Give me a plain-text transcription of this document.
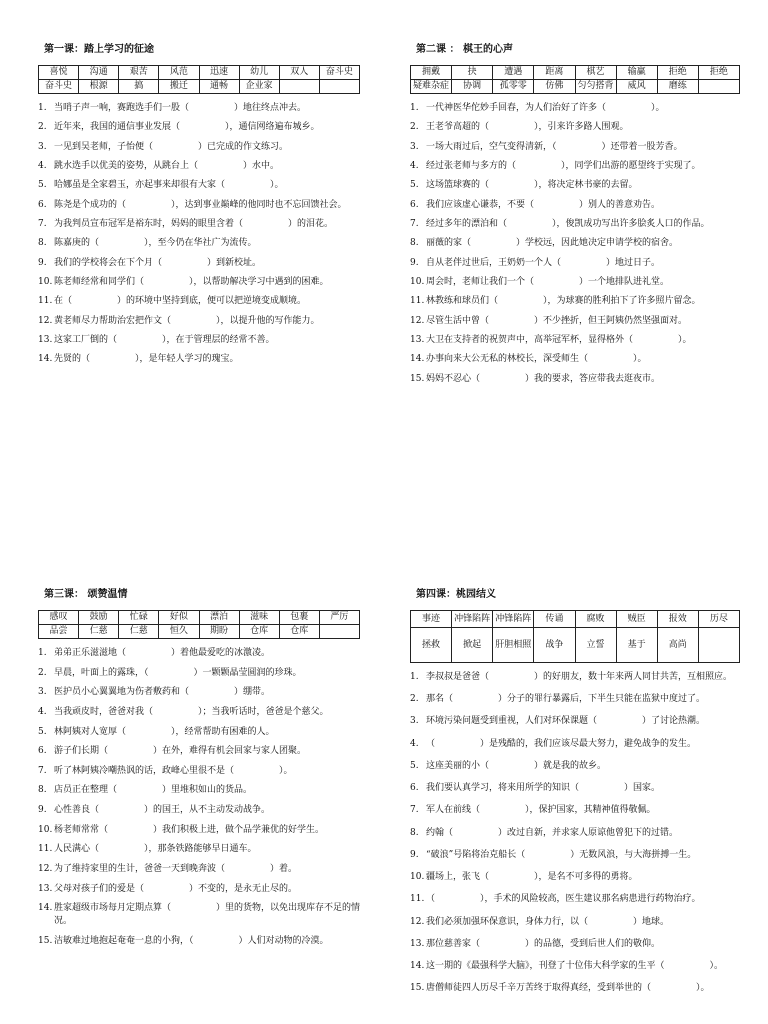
第一课：踏上学习的征途
喜悦	沟通	艰苦	风范	迅速	幼儿	双人	奋斗史
奋斗史	根源	搞	搬迁	通畅	企业家		
1. 当哨子声一响，赛跑选手们一股（　　　　　）地往终点冲去。
2. 近年来，我国的通信事业发展（　　　　　），通信网络遍布城乡。
3. 一见到吴老师，子怡便（　　　　　）已完成的作文练习。
4. 跳水选手以优美的姿势，从跳台上（　　　　　）水中。
5. 哈娜虽是全家碧玉，亦起事来却很有大家（　　　　　）。
6. 陈尧是个成功的（　　　　　），达到事业巅峰的他同时也不忘回馈社会。
7. 为我判员宣布冠军是裕东时，妈妈的眼里含着（　　　　　）的泪花。
8. 陈嘉庚的（　　　　　），至今仍在华社广为流传。
9. 我们的学校将会在下个月（　　　　　）到新校址。
10. 陈老师经常和同学们（　　　　　），以帮助解决学习中遇到的困难。
11. 在（　　　　　）的环境中坚持到底，便可以把逆境变成顺境。
12. 黄老师尽力帮助治宏把作文（　　　　　），以提升他的写作能力。
13. 这家工厂倒的（　　　　　），在于管理层的经常不善。
14. 先贤的（　　　　　），是年轻人学习的瑰宝。
第二课 ： 棋王的心声
拥戴	抉	遭遇	距离	棋艺	输赢	拒绝	拒绝
疑难杂症	协调	孤零零	仿佛	匀匀搭背	威风	磨练	
1. 一代神医华佗妙手回春，为人们治好了许多（　　　　　）。
2. 王老爷高超的（　　　　　），引来许多路人围观。
3. 一场大雨过后，空气变得清新，（　　　　　）还带着一股芳香。
4. 经过张老师与多方的（　　　　　），同学们出游的愿望终于实现了。
5. 这场篮球赛的（　　　　　），将决定林书豪的去留。
6. 我们应该虚心谦恭，不要（　　　　　）别人的善意劝告。
7. 经过多年的漂泊和（　　　　　），俊凯成功写出许多脍炙人口的作品。
8. 丽薇的家（　　　　　）学校远，因此她决定申请学校的宿舍。
9. 自从老伴过世后，王奶奶一个人（　　　　　）地过日子。
10. 周会时，老师让我们一个（　　　　　）一个地排队进礼堂。
11. 林教练和球员们（　　　　　），为球赛的胜利拍下了许多照片留念。
12. 尽管生活中曾（　　　　　）不少挫折，但王阿姨仍然坚强面对。
13. 大卫在支持者的祝贺声中，高举冠军杯，显得格外（　　　　　）。
14. 办事向来大公无私的林校长，深受师生（　　　　　）。
15. 妈妈不忍心（　　　　　）我的要求，答应带我去逛夜市。
第三课： 颂赞温情
感叹	鼓励	忙碌	好似	漂泊	滋味	包裹	严厉
品尝	仁慈	仁慈	恒久	期盼	仓库	仓库	
1. 弟弟正乐滋滋地（　　　　　）着他最爱吃的冰激凌。
2. 早晨，叶面上的露珠，（　　　　　）一颗颗晶莹圆润的珍珠。
3. 医护员小心翼翼地为伤者敷药和（　　　　　）绷带。
4. 当我顽皮时，爸爸对我（　　　　　）；当我听话时，爸爸是个慈父。
5. 林阿姨对人宽厚（　　　　　），经常帮助有困难的人。
6. 游子们长期（　　　　　）在外，难得有机会回家与家人团聚。
7. 听了林阿姨冷嘲热讽的话，政峰心里很不是（　　　　　）。
8. 店员正在整理（　　　　　）里堆积如山的货品。
9. 心性善良（　　　　　）的国王，从不主动发动战争。
10. 杨老师常常（　　　　　）我们积极上进，做个品学兼优的好学生。
11. 人民满心（　　　　　），那条铁路能够早日通车。
12. 为了维持家里的生计，爸爸一天到晚奔波（　　　　　）着。
13. 父母对孩子们的爱是（　　　　　）不变的，是永无止尽的。
14. 胜家超级市场每月定期点算（　　　　　）里的货物，以免出现库存不足的情况。
15. 洁敏难过地抱起奄奄一息的小狗，（　　　　　）人们对动物的冷漠。
第四课：桃园结义
事迹	冲锋陷阵	冲锋陷阵	传诵	腐败	贼臣	报效	历尽
拯救	掀起	肝胆相照	战争	立誓	基于	高尚	
1. 李叔叔是爸爸（　　　　　）的好朋友，数十年来两人同甘共苦，互相照应。
2. 那名（　　　　　）分子的罪行暴露后，下半生只能在监狱中度过了。
3. 环境污染问题受到重视，人们对环保课题（　　　　　）了讨论热潮。
4. （　　　　　）是残酷的，我们应该尽最大努力，避免战争的发生。
5. 这座美丽的小（　　　　　）就是我的故乡。
6. 我们要认真学习，将来用所学的知识（　　　　　）国家。
7. 军人在前线（　　　　　），保护国家，其精神值得敬佩。
8. 约翰（　　　　　）改过自新，并求家人原谅他曾犯下的过错。
9. “破浪”号陷将治克船长（　　　　　）无数风浪，与大海拼搏一生。
10. 疆场上，张飞（　　　　　），是名不可多得的勇将。
11. （　　　　　），手术的风险较高，医生建议那名病患进行药物治疗。
12. 我们必须加强环保意识，身体力行，以（　　　　　）地球。
13. 那位慈善家（　　　　　）的品德，受到后世人们的敬仰。
14. 这一期的《最强科学大脑》，刊登了十位伟大科学家的生平（　　　　　）。
15. 唐僧师徒四人历尽千辛万苦终于取得真经，受到举世的（　　　　　）。
